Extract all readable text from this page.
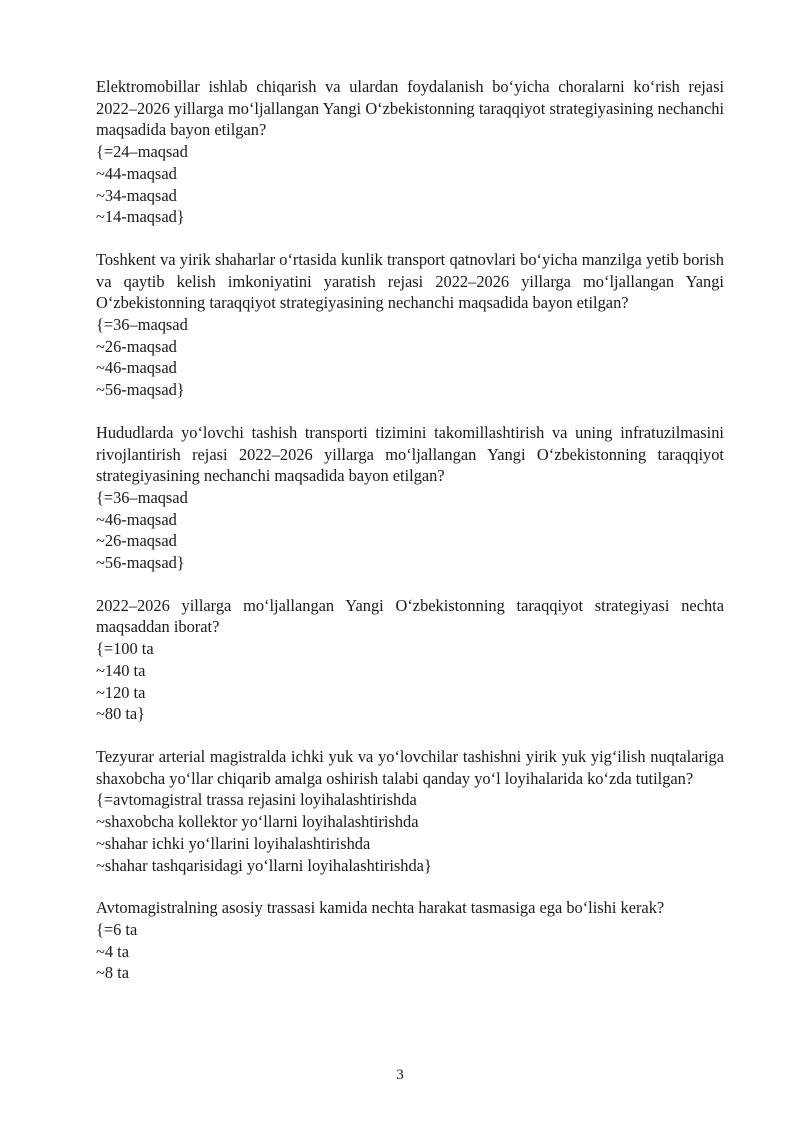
Elektromobillar ishlab chiqarish va ulardan foydalanish bo‘yicha choralarni ko‘rish rejasi 2022–2026 yillarga mo‘ljallangan Yangi O‘zbekistonning taraqqiyot strategiyasining nechanchi maqsadida bayon etilgan?

{=24–maqsad

~44-maqsad

~34-maqsad

~14-maqsad}

Toshkent va yirik shaharlar o‘rtasida kunlik transport qatnovlari bo‘yicha manzilga yetib borish va qaytib kelish imkoniyatini yaratish rejasi 2022–2026 yillarga mo‘ljallangan Yangi O‘zbekistonning taraqqiyot strategiyasining nechanchi maqsadida bayon etilgan?

{=36–maqsad

~26-maqsad

~46-maqsad

~56-maqsad}

Hududlarda yo‘lovchi tashish transporti tizimini takomillashtirish va uning infratuzilmasini rivojlantirish rejasi 2022–2026 yillarga mo‘ljallangan Yangi O‘zbekistonning taraqqiyot strategiyasining nechanchi maqsadida bayon etilgan?

{=36–maqsad

~46-maqsad

~26-maqsad

~56-maqsad}

2022–2026 yillarga mo‘ljallangan Yangi O‘zbekistonning taraqqiyot strategiyasi nechta maqsaddan iborat?

{=100 ta

~140 ta

~120 ta

~80 ta}

Tezyurar arterial magistralda ichki yuk va yo‘lovchilar tashishni yirik yuk yig‘ilish nuqtalariga shaxobcha yo‘llar chiqarib amalga oshirish talabi qanday yo‘l loyihalarida ko‘zda tutilgan?

{=avtomagistral trassa rejasini loyihalashtirishda

~shaxobcha kollektor yo‘llarni loyihalashtirishda

~shahar ichki yo‘llarini loyihalashtirishda

~shahar tashqarisidagi yo‘llarni loyihalashtirishda}

Avtomagistralning asosiy trassasi kamida nechta harakat tasmasiga ega bo‘lishi kerak?

{=6 ta

~4 ta

~8 ta

3
